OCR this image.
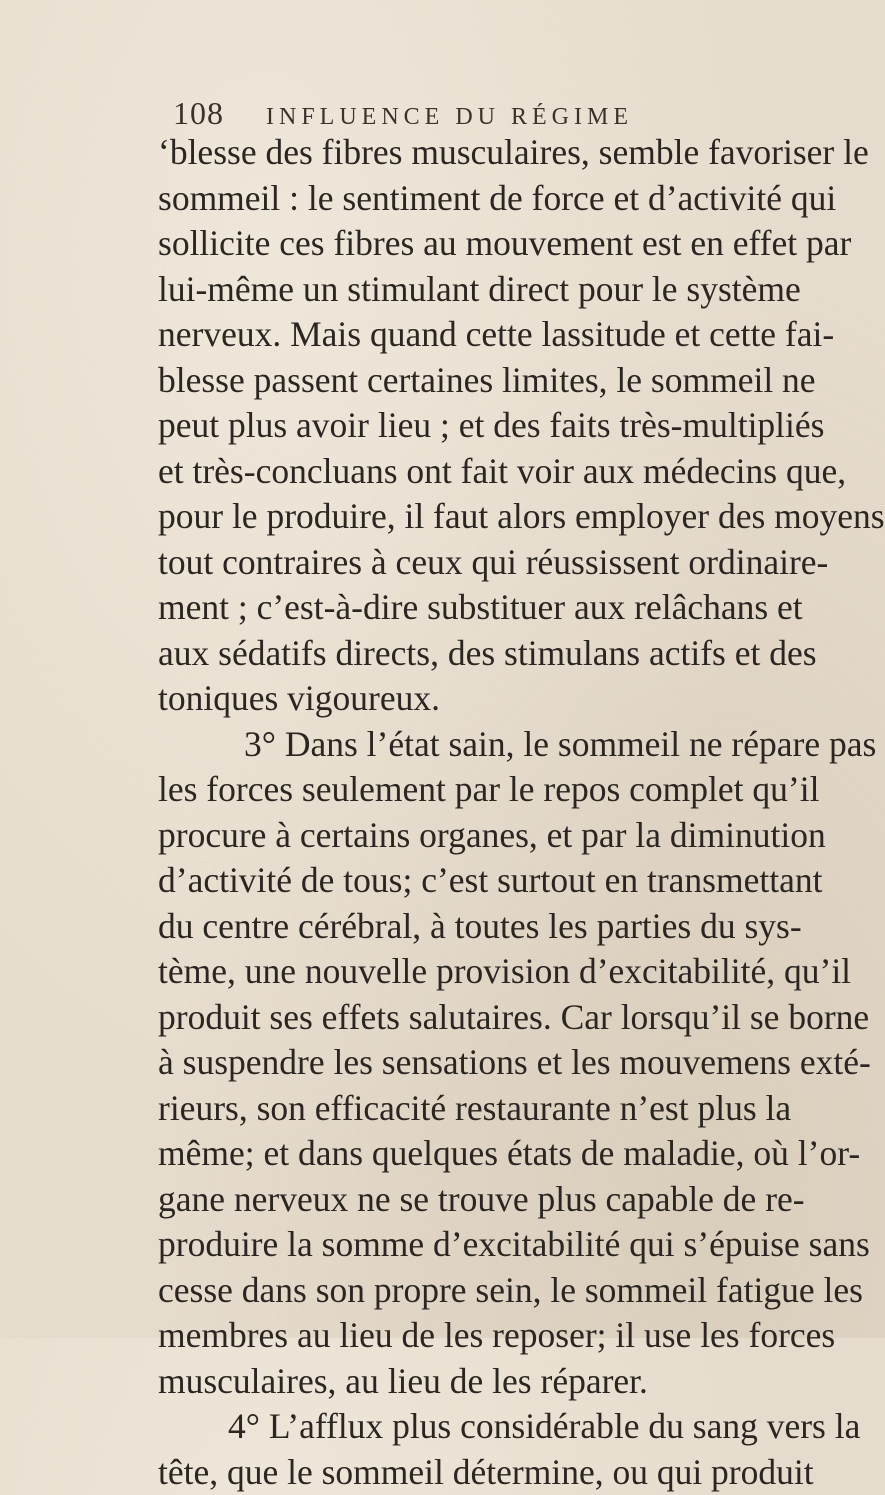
108 INFLUENCE DU RÉGIME
‘blesse des fibres musculaires, semble favoriser le
sommeil : le sentiment de force et d’activité qui
sollicite ces fibres au mouvement est en effet par
lui-même un stimulant direct pour le système
nerveux. Mais quand cette lassitude et cette fai-
blesse passent certaines limites, le sommeil ne
peut plus avoir lieu ; et des faits très-multipliés
et très-concluans ont fait voir aux médecins que,
pour le produire, il faut alors employer des moyens
tout contraires à ceux qui réussissent ordinaire-
ment ; c’est-à-dire substituer aux relâchans et
aux sédatifs directs, des stimulans actifs et des
toniques vigoureux.
3° Dans l’état sain, le sommeil ne répare pas
les forces seulement par le repos complet qu’il
procure à certains organes, et par la diminution
d’activité de tous; c’est surtout en transmettant
du centre cérébral, à toutes les parties du sys-
tème, une nouvelle provision d’excitabilité, qu’il
produit ses effets salutaires. Car lorsqu’il se borne
à suspendre les sensations et les mouvemens exté-
rieurs, son efficacité restaurante n’est plus la
même; et dans quelques états de maladie, où l’or-
gane nerveux ne se trouve plus capable de re-
produire la somme d’excitabilité qui s’épuise sans
cesse dans son propre sein, le sommeil fatigue les
membres au lieu de les reposer; il use les forces
musculaires, au lieu de les réparer.
4° L’afflux plus considérable du sang vers la
tête, que le sommeil détermine, ou qui produit
